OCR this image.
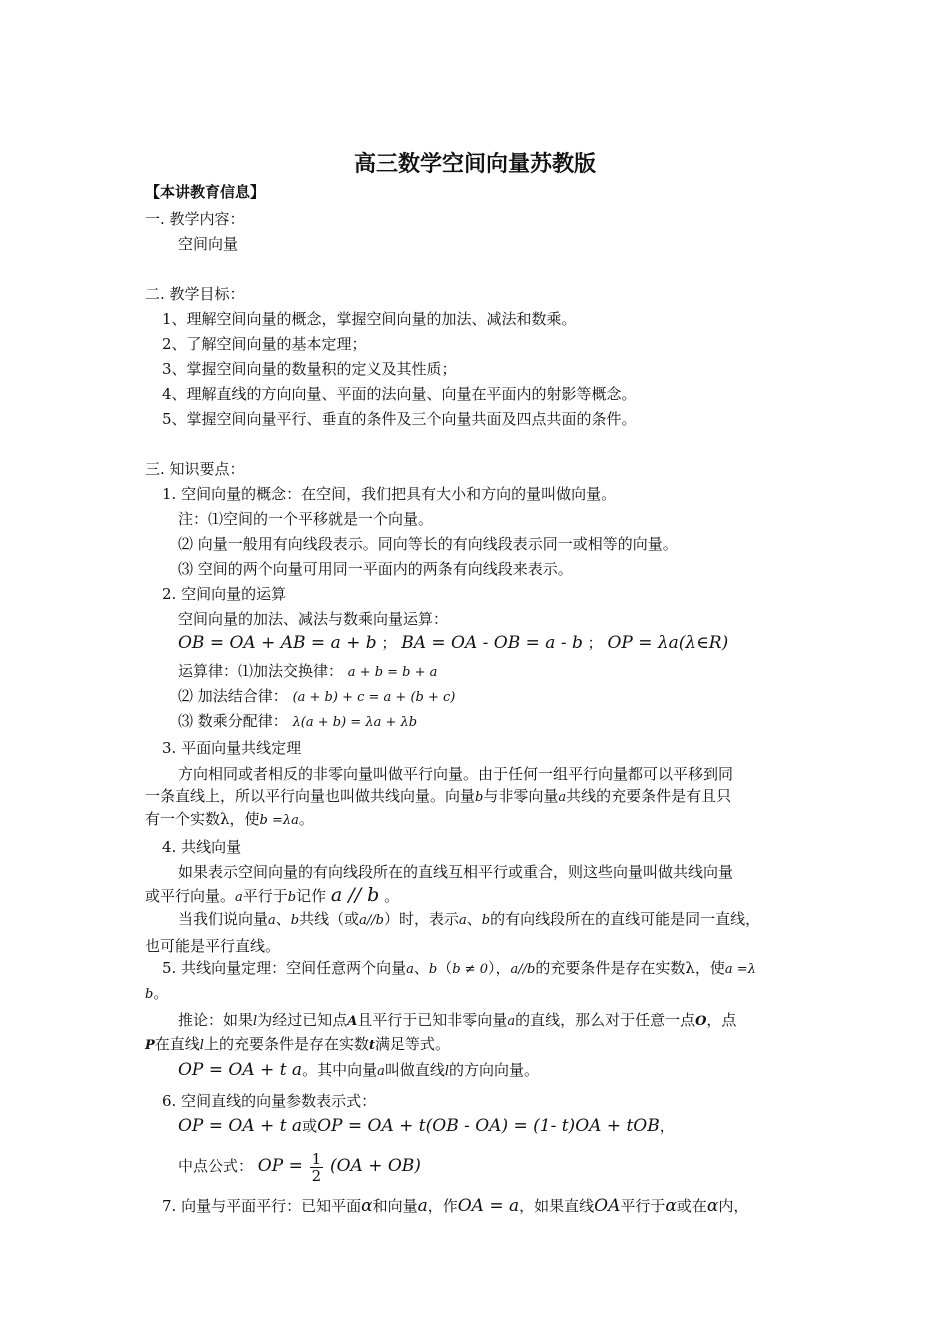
高三数学空间向量苏教版
【本讲教育信息】
一. 教学内容：
空间向量
二. 教学目标：
1、理解空间向量的概念，掌握空间向量的加法、减法和数乘。
2、了解空间向量的基本定理；
3、掌握空间向量的数量积的定义及其性质；
4、理解直线的方向向量、平面的法向量、向量在平面内的射影等概念。
5、掌握空间向量平行、垂直的条件及三个向量共面及四点共面的条件。
三. 知识要点：
1. 空间向量的概念：在空间，我们把具有大小和方向的量叫做向量。
注：⑴空间的一个平移就是一个向量。
⑵ 向量一般用有向线段表示。同向等长的有向线段表示同一或相等的向量。
⑶ 空间的两个向量可用同一平面内的两条有向线段来表示。
2. 空间向量的运算
空间向量的加法、减法与数乘向量运算：
OB = OA + AB = a + b ； BA = OA - OB = a - b ； OP = λa(λ∈R)
运算律：⑴加法交换律： a + b = b + a
⑵ 加法结合律： (a + b) + c = a + (b + c)
⑶ 数乘分配律： λ(a + b) = λa + λb
3. 平面向量共线定理
方向相同或者相反的非零向量叫做平行向量。由于任何一组平行向量都可以平移到同
一条直线上，所以平行向量也叫做共线向量。向量b与非零向量a共线的充要条件是有且只
有一个实数λ，使b =λa。
4. 共线向量
如果表示空间向量的有向线段所在的直线互相平行或重合，则这些向量叫做共线向量
或平行向量。a平行于b记作 a // b 。
当我们说向量a、b共线（或a//b）时，表示a、b的有向线段所在的直线可能是同一直线，
也可能是平行直线。
5. 共线向量定理：空间任意两个向量a、b（b ≠ 0），a//b的充要条件是存在实数λ，使a =λ
b。
推论：如果l为经过已知点A且平行于已知非零向量a的直线，那么对于任意一点O，点
P在直线l上的充要条件是存在实数t满足等式。
OP = OA + t a。其中向量a叫做直线l的方向向量。
6. 空间直线的向量参数表示式：
OP = OA + t a或OP = OA + t(OB - OA) = (1- t)OA + tOB，
中点公式： OP = $\frac{1}{2} (OA + OB)$
7. 向量与平面平行：已知平面α和向量a，作OA = a，如果直线OA平行于α或在α内，
